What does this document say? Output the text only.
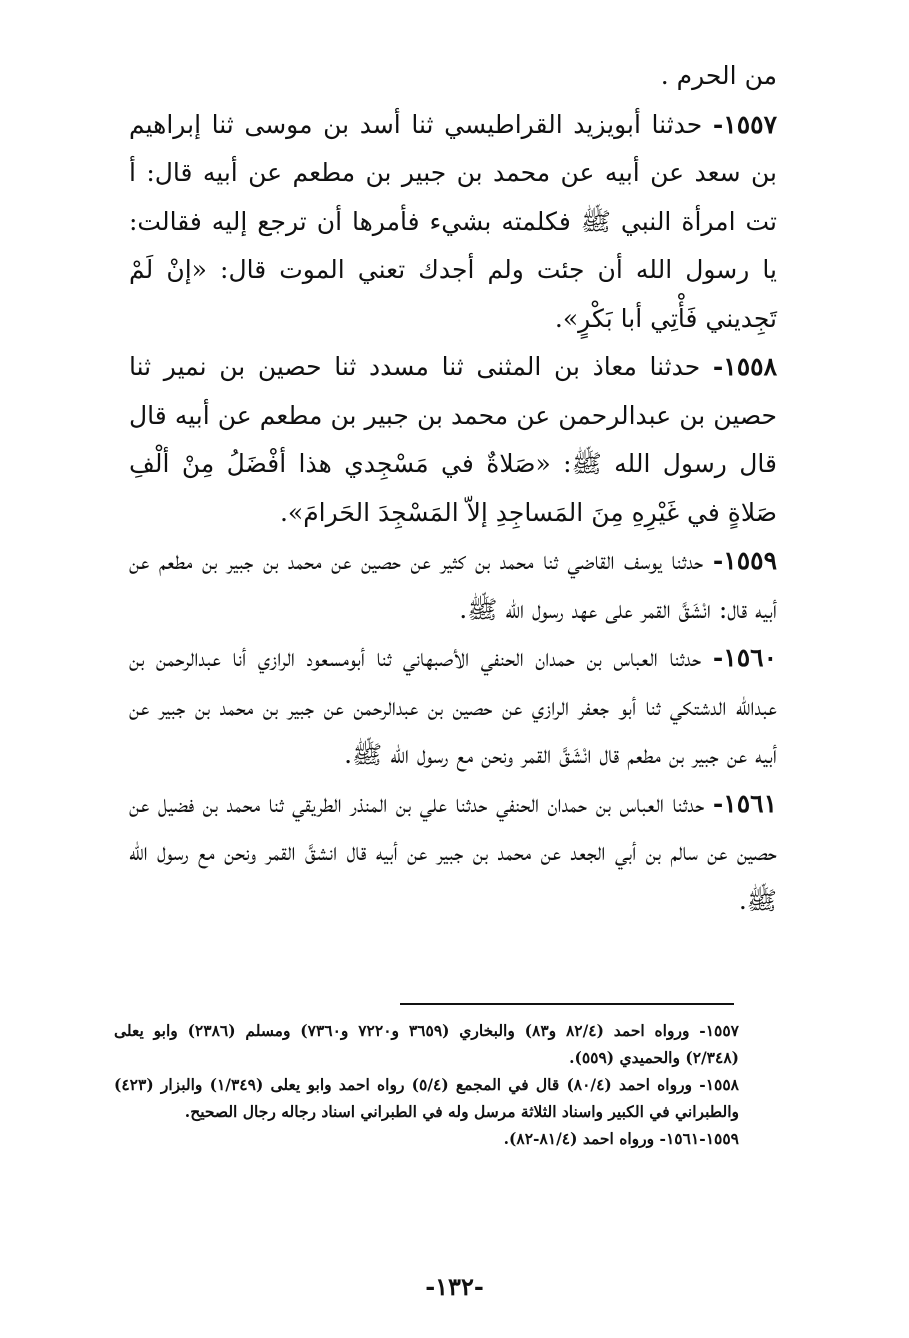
من الحرم .

١٥٥٧- حدثنا أبويزيد القراطيسي ثنا أسد بن موسى ثنا إبراهيم بن سعد عن أبيه عن محمد بن جبير بن مطعم عن أبيه قال: أ تت امرأة النبي ﷺ فكلمته بشيء فأمرها أن ترجع إليه فقالت: يا رسول الله أن جئت ولم أجدك تعني الموت قال: «إنْ لَمْ تَجِديني فَأْتِي أبا بَكْرٍ».

١٥٥٨- حدثنا معاذ بن المثنى ثنا مسدد ثنا حصين بن نمير ثنا حصين بن عبدالرحمن عن محمد بن جبير بن مطعم عن أبيه قال قال رسول الله ﷺ: «صَلاةٌ في مَسْجِدي هذا أفْضَلُ مِنْ ألْفِ صَلاةٍ في غَيْرِهِ مِنَ المَساجِدِ إلاّ المَسْجِدَ الحَرامَ».

١٥٥٩- حدثنا يوسف القاضي ثنا محمد بن كثير عن حصين عن محمد بن جبير بن مطعم عن أبيه قال: انْشَقَّ القمر على عهد رسول الله ﷺ.

١٥٦٠- حدثنا العباس بن حمدان الحنفي الأصبهاني ثنا أبومسعود الرازي أنا عبدالرحمن بن عبدالله الدشتكي ثنا أبو جعفر الرازي عن حصين بن عبدالرحمن عن جبير بن محمد بن جبير عن أبيه عن جبير بن مطعم قال انْشَقَّ القمر ونحن مع رسول الله ﷺ.

١٥٦١- حدثنا العباس بن حمدان الحنفي حدثنا علي بن المنذر الطريقي ثنا محمد بن فضيل عن حصين عن سالم بن أبي الجعد عن محمد بن جبير عن أبيه قال انشقَّ القمر ونحن مع رسول الله ﷺ.

١٥٥٧- ورواه احمد (٨٢/٤ و٨٣) والبخاري (٣٦٥٩ و٧٢٢٠ و٧٣٦٠) ومسلم (٢٣٨٦) وابو يعلى (٢/٣٤٨) والحميدي (٥٥٩).

١٥٥٨- ورواه احمد (٨٠/٤) قال في المجمع (٥/٤) رواه احمد وابو يعلى (١/٣٤٩) والبزار (٤٢٣) والطبراني في الكبير واسناد الثلاثة مرسل وله في الطبراني اسناد رجاله رجال الصحيح.

١٥٥٩-١٥٦١- ورواه احمد (٨١/٤-٨٢).

-١٣٢-
